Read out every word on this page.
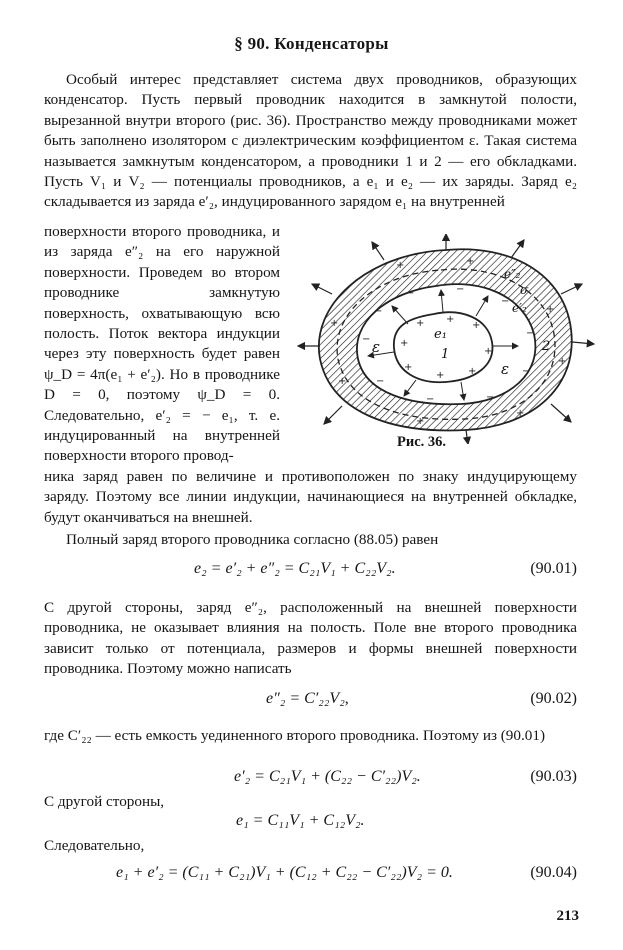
§ 90. Конденсаторы

Особый интерес представляет система двух проводников, образующих конденсатор. Пусть первый проводник находится в замкнутой полости, вырезанной внутри второго (рис. 36). Пространство между проводниками может быть заполнено изолятором с диэлектрическим коэффициентом ε. Такая система называется замкнутым конденсатором, а проводники 1 и 2 — его обкладками. Пусть V₁ и V₂ — потенциалы проводников, а e₁ и e₂ — их заряды. Заряд e₂ складывается из заряда e′₂, индуцированного зарядом e₁ на внутренней

поверхности второго проводника, и из заряда e″₂ на его наружной поверхности. Проведем во втором проводнике замкнутую поверхность, охватывающую всю полость. Поток вектора индукции через эту поверхность будет равен ψ_D = 4π(e₁ + e′₂). Но в проводнике D = 0, поэтому ψ_D = 0. Следовательно, e′₂ = − e₁, т. е. индуцированный на внутренней поверхности второго провод-

+ +
+
+
+
+
+ +
−	−
−
−
−
−
−
−
−
−
+	+
+
+
+
+
+
+
e₁
1
ε
ε
2
e″₂
σ
e′₂
Рис. 36.

ника заряд равен по величине и противоположен по знаку индуцирующему заряду. Поэтому все линии индукции, начинающиеся на внутренней обкладке, будут оканчиваться на внешней.

Полный заряд второго проводника согласно (88.05) равен

e₂ = e′₂ + e″₂ = C₂₁V₁ + C₂₂V₂.	(90.01)

С другой стороны, заряд e″₂, расположенный на внешней поверхности проводника, не оказывает влияния на полость. Поле вне второго проводника зависит только от потенциала, размеров и формы внешней поверхности проводника. Поэтому можно написать

e″₂ = C′₂₂V₂,	(90.02)

где C′₂₂ — есть емкость уединенного второго проводника. Поэтому из (90.01)

e′₂ = C₂₁V₁ + (C₂₂ − C′₂₂)V₂.	(90.03)

С другой стороны,

e₁ = C₁₁V₁ + C₁₂V₂.

Следовательно,

e₁ + e′₂ = (C₁₁ + C₂₁)V₁ + (C₁₂ + C₂₂ − C′₂₂)V₂ = 0.	(90.04)
213
